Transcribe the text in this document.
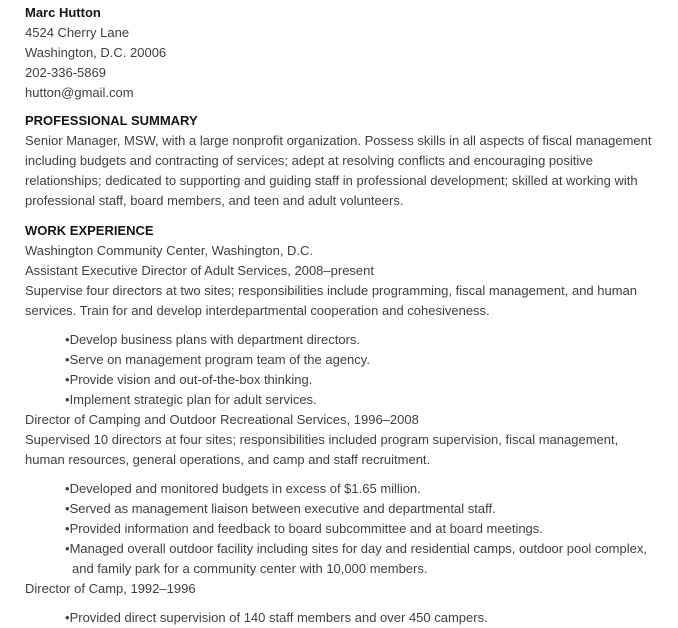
Marc Hutton
4524 Cherry Lane
Washington, D.C. 20006
202-336-5869
hutton@gmail.com
PROFESSIONAL SUMMARY

Senior Manager, MSW, with a large nonprofit organization. Possess skills in all aspects of fiscal management including budgets and contracting of services; adept at resolving conflicts and encouraging positive relationships; dedicated to supporting and guiding staff in professional development; skilled at working with professional staff, board members, and teen and adult volunteers.

WORK EXPERIENCE
Washington Community Center, Washington, D.C.
Assistant Executive Director of Adult Services, 2008–present

Supervise four directors at two sites; responsibilities include programming, fiscal management, and human services. Train for and develop interdepartmental cooperation and cohesiveness.

• Develop business plans with department directors.
• Serve on management program team of the agency.
• Provide vision and out-of-the-box thinking.
• Implement strategic plan for adult services.
Director of Camping and Outdoor Recreational Services, 1996–2008

Supervised 10 directors at four sites; responsibilities included program supervision, fiscal management, human resources, general operations, and camp and staff recruitment.

• Developed and monitored budgets in excess of $1.65 million.
• Served as management liaison between executive and departmental staff.
• Provided information and feedback to board subcommittee and at board meetings.
• Managed overall outdoor facility including sites for day and residential camps, outdoor pool complex, and family park for a community center with 10,000 members.
Director of Camp, 1992–1996
• Provided direct supervision of 140 staff members and over 450 campers.
